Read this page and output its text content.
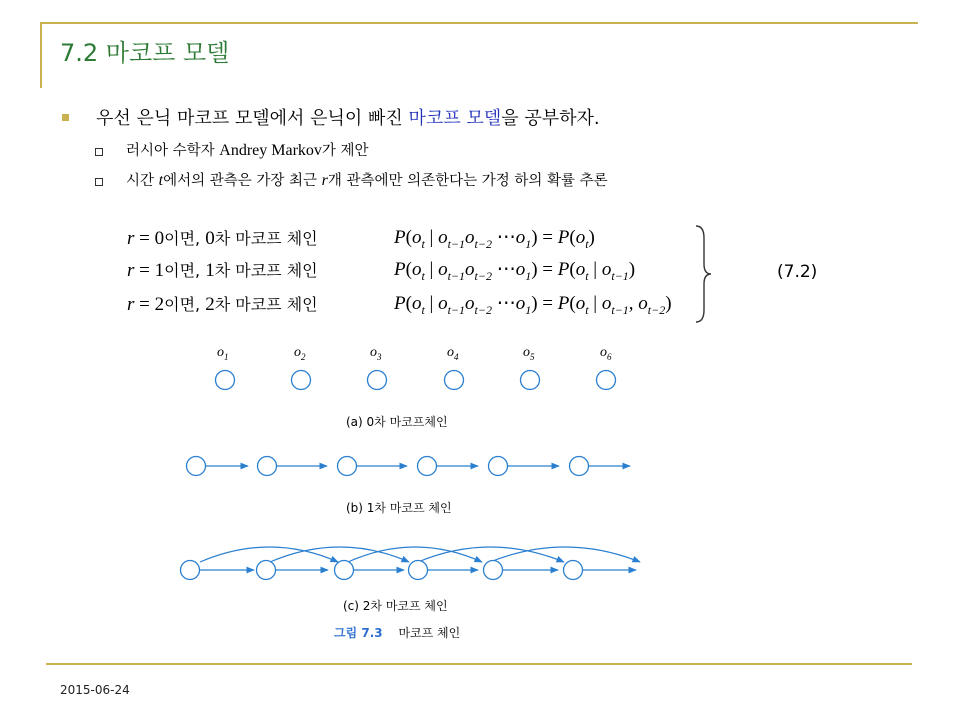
7.2 마코프 모델
우선 은닉 마코프 모델에서 은닉이 빠진 마코프 모델을 공부하자.
러시아 수학자 Andrey Markov가 제안
시간 t에서의 관측은 가장 최근 r개 관측에만 의존한다는 가정 하의 확률 추론
r = 0이면, 0차 마코프 체인	$P(o_t$ | $o_{t-1}o_{t-2}$ $\cdots o_1) = P(o_t)$
r = 1이면, 1차 마코프 체인	$P(o_t$ | $o_{t-1}o_{t-2}$ $\cdots o_1) = P(o_t$ | $o_{t-1}$)
r = 2이면, 2차 마코프 체인	$P(o_t$ | $o_{t-1}o_{t-2}$ $\cdots o_1) = P(o_t$ | $o_{t-1}$, $o_{t-2}$)
(7.2)
$o_1$	$o_2$	$o_3$	$o_4$	$o_5$	$o_6$
(a) 0차 마코프체인
(b) 1차 마코프 체인
(c) 2차 마코프 체인
그림 7.3 마코프 체인
2015-06-24
